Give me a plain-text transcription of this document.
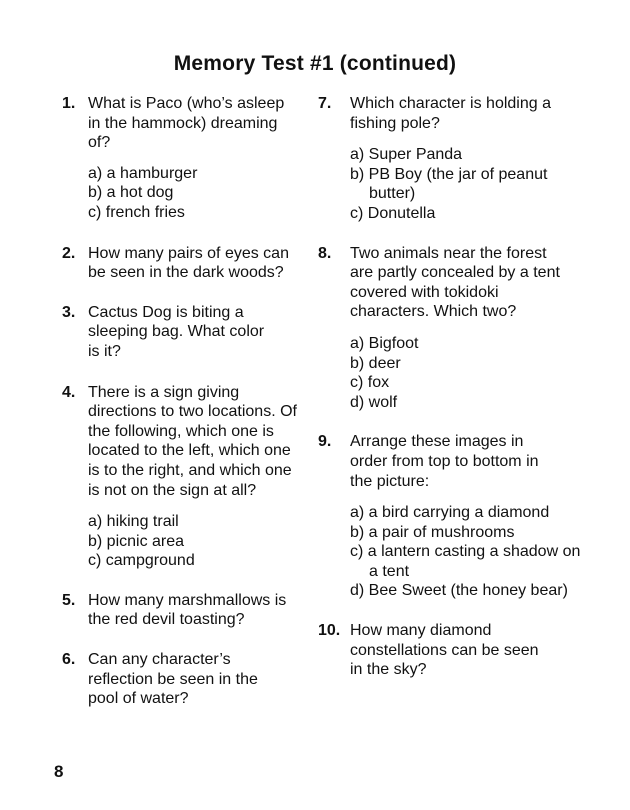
Memory Test #1 (continued)
1. What is Paco (who’s asleep in the hammock) dreaming of?
a) a hamburger
b) a hot dog
c) french fries
2. How many pairs of eyes can be seen in the dark woods?
3. Cactus Dog is biting a sleeping bag. What color is it?
4. There is a sign giving directions to two locations. Of the following, which one is located to the left, which one is to the right, and which one is not on the sign at all?
a) hiking trail
b) picnic area
c) campground
5. How many marshmallows is the red devil toasting?
6. Can any character’s reflection be seen in the pool of water?
7. Which character is holding a fishing pole?
a) Super Panda
b) PB Boy (the jar of peanut butter)
c) Donutella
8. Two animals near the forest are partly concealed by a tent covered with tokidoki characters. Which two?
a) Bigfoot
b) deer
c) fox
d) wolf
9. Arrange these images in order from top to bottom in the picture:
a) a bird carrying a diamond
b) a pair of mushrooms
c) a lantern casting a shadow on a tent
d) Bee Sweet (the honey bear)
10. How many diamond constellations can be seen in the sky?
8
